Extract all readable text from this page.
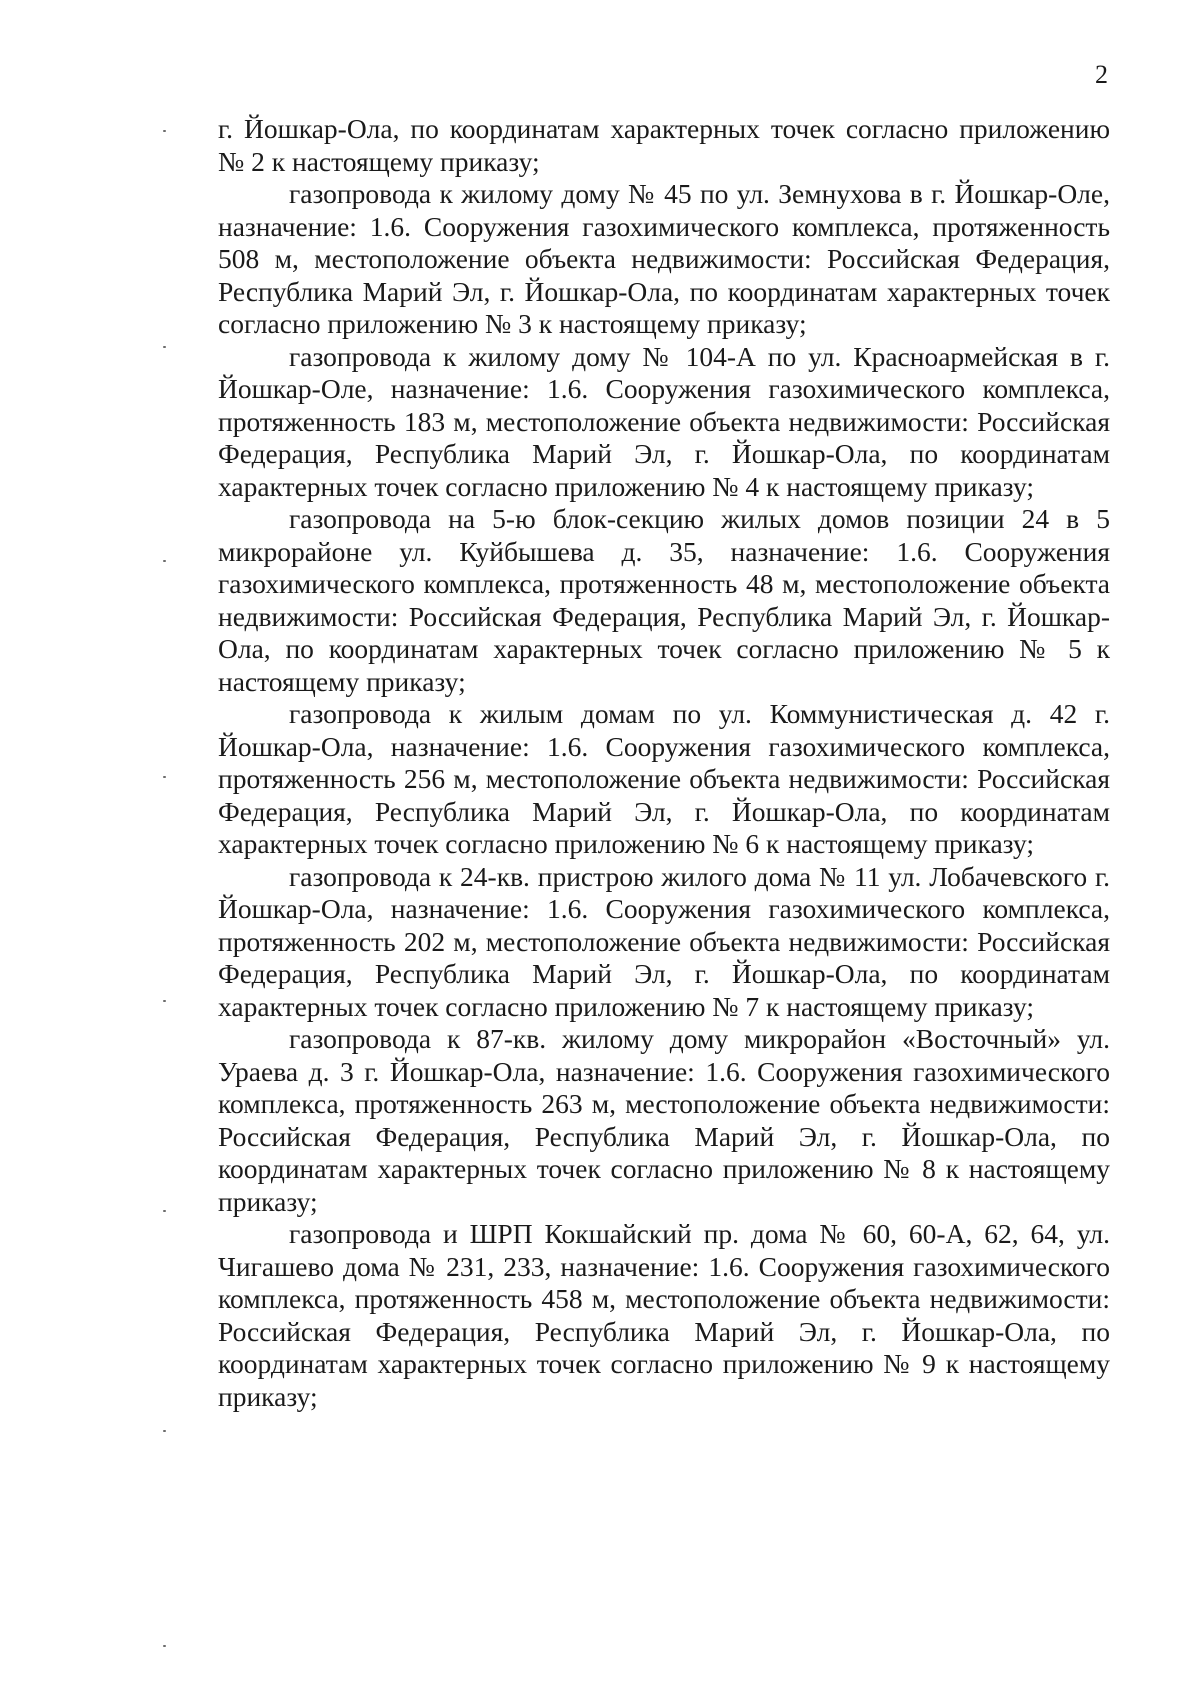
2

г. Йошкар-Ола, по координатам характерных точек согласно приложению № 2 к настоящему приказу;

газопровода к жилому дому № 45 по ул. Земнухова в г. Йошкар-Оле, назначение: 1.6. Сооружения газохимического комплекса, протяженность 508 м, местоположение объекта недвижимости: Российская Федерация, Республика Марий Эл, г. Йошкар-Ола, по координатам характерных точек согласно приложению № 3 к настоящему приказу;

газопровода к жилому дому № 104-А по ул. Красноармейская в г. Йошкар-Оле, назначение: 1.6. Сооружения газохимического комплекса, протяженность 183 м, местоположение объекта недвижимости: Российская Федерация, Республика Марий Эл, г. Йошкар-Ола, по координатам характерных точек согласно приложению № 4 к настоящему приказу;

газопровода на 5-ю блок-секцию жилых домов позиции 24 в 5 микрорайоне ул. Куйбышева д. 35, назначение: 1.6. Сооружения газохимического комплекса, протяженность 48 м, местоположение объекта недвижимости: Российская Федерация, Республика Марий Эл, г. Йошкар-Ола, по координатам характерных точек согласно приложению № 5 к настоящему приказу;

газопровода к жилым домам по ул. Коммунистическая д. 42 г. Йошкар-Ола, назначение: 1.6. Сооружения газохимического комплекса, протяженность 256 м, местоположение объекта недвижимости: Российская Федерация, Республика Марий Эл, г. Йошкар-Ола, по координатам характерных точек согласно приложению № 6 к настоящему приказу;

газопровода к 24-кв. пристрою жилого дома № 11 ул. Лобачевского г. Йошкар-Ола, назначение: 1.6. Сооружения газохимического комплекса, протяженность 202 м, местоположение объекта недвижимости: Российская Федерация, Республика Марий Эл, г. Йошкар-Ола, по координатам характерных точек согласно приложению № 7 к настоящему приказу;

газопровода к 87-кв. жилому дому микрорайон «Восточный» ул. Ураева д. 3 г. Йошкар-Ола, назначение: 1.6. Сооружения газохимического комплекса, протяженность 263 м, местоположение объекта недвижимости: Российская Федерация, Республика Марий Эл, г. Йошкар-Ола, по координатам характерных точек согласно приложению № 8 к настоящему приказу;

газопровода и ШРП Кокшайский пр. дома № 60, 60-А, 62, 64, ул. Чигашево дома № 231, 233, назначение: 1.6. Сооружения газохимического комплекса, протяженность 458 м, местоположение объекта недвижимости: Российская Федерация, Республика Марий Эл, г. Йошкар-Ола, по координатам характерных точек согласно приложению № 9 к настоящему приказу;
